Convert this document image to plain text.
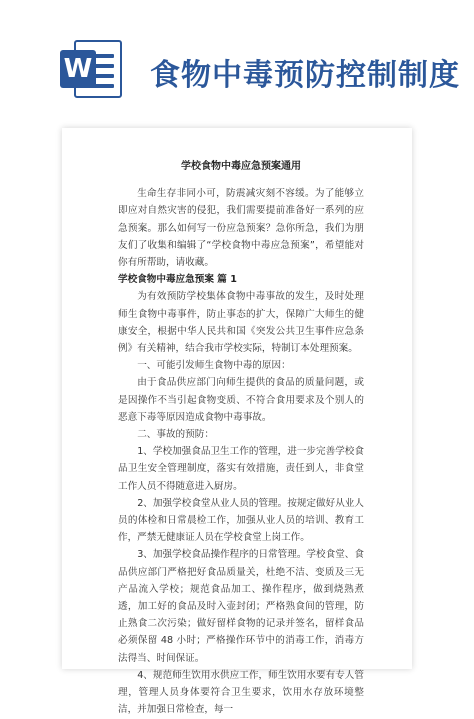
W 食物中毒预防控制制度
学校食物中毒应急预案通用

生命生存非同小可，防震减灾刻不容缓。为了能够立即应对自然灾害的侵犯，我们需要提前准备好一系列的应急预案。那么如何写一份应急预案？急你所急，我们为朋友们了收集和编辑了“学校食物中毒应急预案”，希望能对你有所帮助，请收藏。

学校食物中毒应急预案 篇 1

为有效预防学校集体食物中毒事故的发生，及时处理师生食物中毒事件，防止事态的扩大，保障广大师生的健康安全，根据中华人民共和国《突发公共卫生事件应急条例》有关精神，结合我市学校实际，特制订本处理预案。

一、可能引发师生食物中毒的原因：

由于食品供应部门向师生提供的食品的质量问题，或是因操作不当引起食物变质、不符合食用要求及个别人的恶意下毒等原因造成食物中毒事故。

二、事故的预防：

1、学校加强食品卫生工作的管理，进一步完善学校食品卫生安全管理制度，落实有效措施，责任到人，非食堂工作人员不得随意进入厨房。

2、加强学校食堂从业人员的管理。按规定做好从业人员的体检和日常晨检工作，加强从业人员的培训、教育工作，严禁无健康证人员在学校食堂上岗工作。

3、加强学校食品操作程序的日常管理。学校食堂、食品供应部门严格把好食品质量关，杜绝不洁、变质及三无产品流入学校；规范食品加工、操作程序，做到烧熟煮透，加工好的食品及时入壶封闭；严格熟食间的管理，防止熟食二次污染；做好留样食物的记录并签名，留样食品必须保留 48 小时；严格操作环节中的消毒工作，消毒方法得当、时间保证。

4、规范师生饮用水供应工作，师生饮用水要有专人管理，管理人员身体要符合卫生要求，饮用水存放环境整洁，并加强日常检查，每一
